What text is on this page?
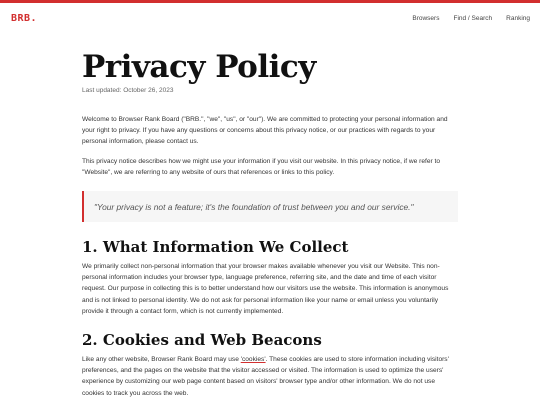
BRB.	Browsers Find / Search Ranking
Privacy Policy
Last updated: October 26, 2023

Welcome to Browser Rank Board ("BRB.", "we", "us", or "our"). We are committed to protecting your personal information and your right to privacy. If you have any questions or concerns about this privacy notice, or our practices with regards to your personal information, please contact us.

This privacy notice describes how we might use your information if you visit our website. In this privacy notice, if we refer to "Website", we are referring to any website of ours that references or links to this policy.

"Your privacy is not a feature; it's the foundation of trust between you and our service."
1. What Information We Collect

We primarily collect non-personal information that your browser makes available whenever you visit our Website. This non-personal information includes your browser type, language preference, referring site, and the date and time of each visitor request. Our purpose in collecting this is to better understand how our visitors use the website. This information is anonymous and is not linked to personal identity. We do not ask for personal information like your name or email unless you voluntarily provide it through a contact form, which is not currently implemented.

2. Cookies and Web Beacons

Like any other website, Browser Rank Board may use 'cookies'. These cookies are used to store information including visitors' preferences, and the pages on the website that the visitor accessed or visited. The information is used to optimize the users' experience by customizing our web page content based on visitors' browser type and/or other information. We do not use cookies to track you across the web.
